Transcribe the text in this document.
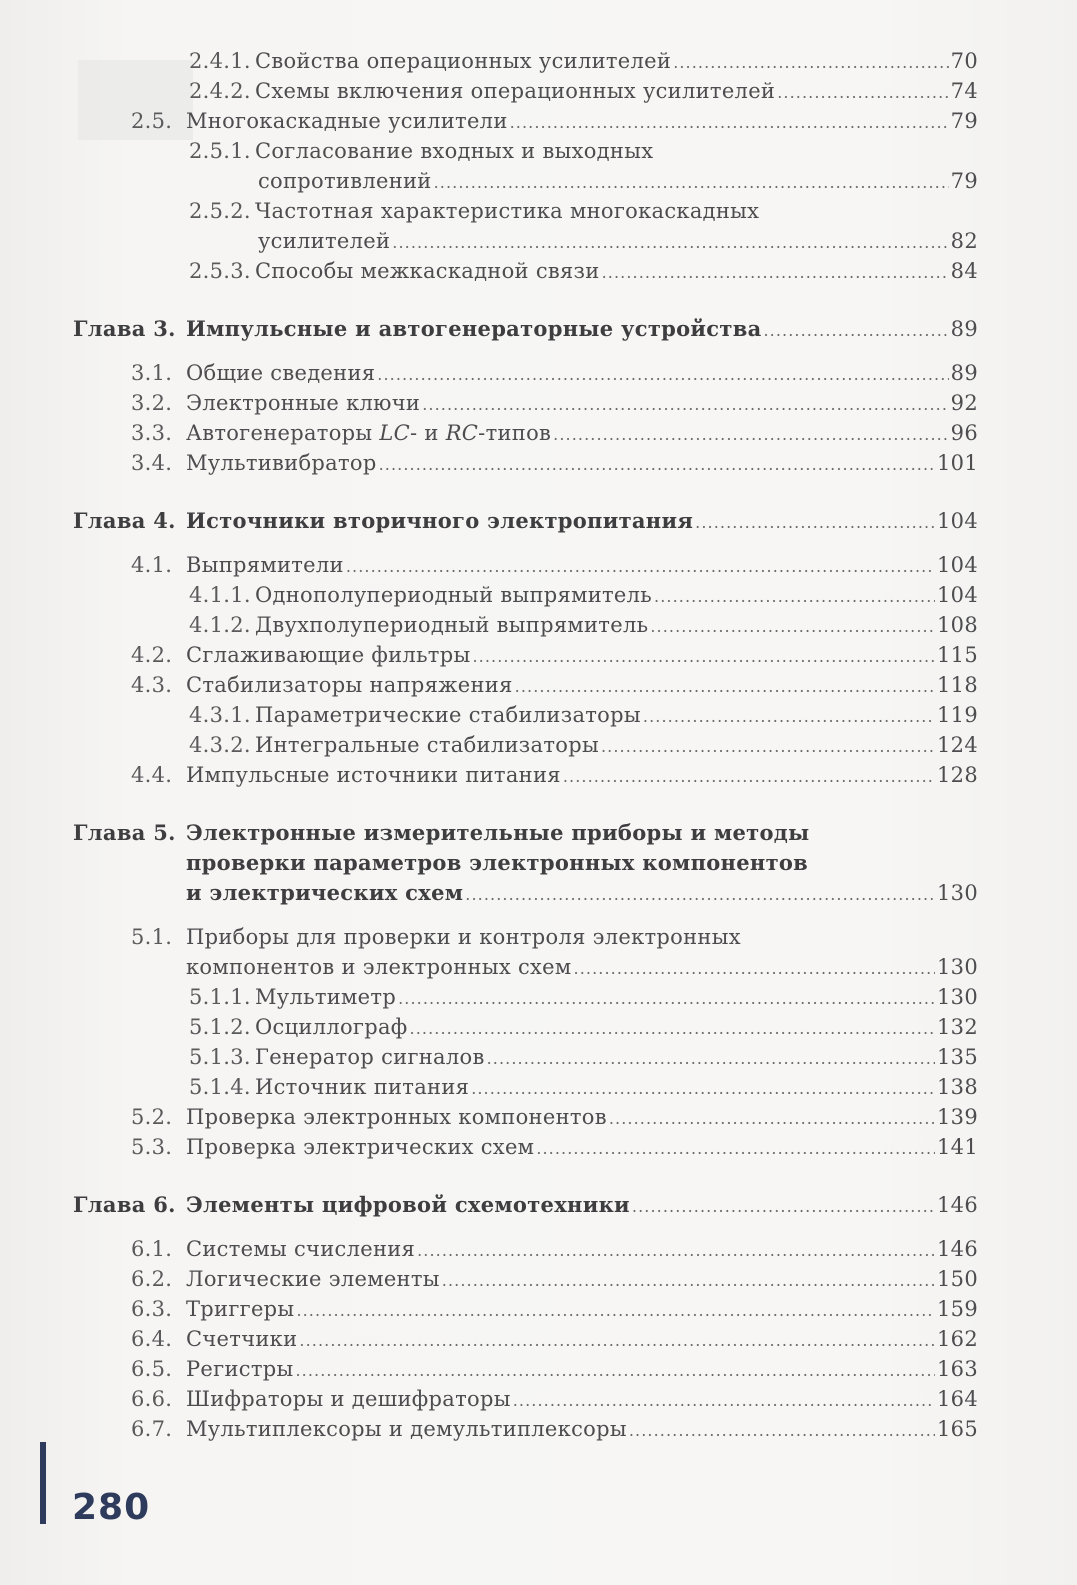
2.4.1. Свойства операционных усилителей .....	70
2.4.2. Схемы включения операционных усилителей .....	74
2.5. Многокаскадные усилители .....	79
2.5.1. Согласование входных и выходных
сопротивлений .....	79
2.5.2. Частотная характеристика многокаскадных
усилителей .....	82
2.5.3. Способы межкаскадной связи .....	84
Глава 3. Импульсные и автогенераторные устройства .....	89
3.1. Общие сведения .....	89
3.2. Электронные ключи .....	92
3.3. Автогенераторы LC- и RC-типов .....	96
3.4. Мультивибратор .....	101
Глава 4. Источники вторичного электропитания .....	104
4.1. Выпрямители .....	104
4.1.1. Однополупериодный выпрямитель .....	104
4.1.2. Двухполупериодный выпрямитель .....	108
4.2. Сглаживающие фильтры .....	115
4.3. Стабилизаторы напряжения .....	118
4.3.1. Параметрические стабилизаторы .....	119
4.3.2. Интегральные стабилизаторы .....	124
4.4. Импульсные источники питания .....	128
Глава 5. Электронные измерительные приборы и методы
проверки параметров электронных компонентов
и электрических схем .....	130
5.1. Приборы для проверки и контроля электронных
компонентов и электронных схем .....	130
5.1.1. Мультиметр .....	130
5.1.2. Осциллограф .....	132
5.1.3. Генератор сигналов .....	135
5.1.4. Источник питания .....	138
5.2. Проверка электронных компонентов .....	139
5.3. Проверка электрических схем .....	141
Глава 6. Элементы цифровой схемотехники .....	146
6.1. Системы счисления .....	146
6.2. Логические элементы .....	150
6.3. Триггеры .....	159
6.4. Счетчики .....	162
6.5. Регистры .....	163
6.6. Шифраторы и дешифраторы .....	164
6.7. Мультиплексоры и демультиплексоры .....	165
280
